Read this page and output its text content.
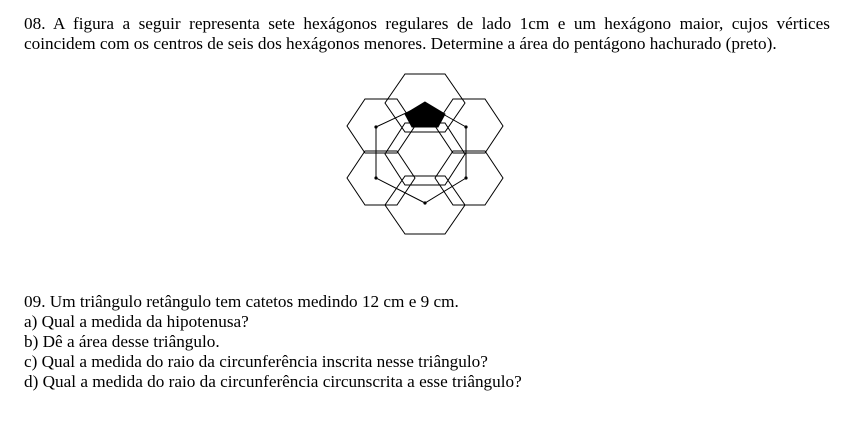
08. A figura a seguir representa sete hexágonos regulares de lado 1cm e um hexágono maior, cujos vértices coincidem com os centros de seis dos hexágonos menores. Determine a área do pentágono hachurado (preto).

09. Um triângulo retângulo tem catetos medindo 12 cm e 9 cm.

a) Qual a medida da hipotenusa?

b) Dê a área desse triângulo.

c) Qual a medida do raio da circunferência inscrita nesse triângulo?

d) Qual a medida do raio da circunferência circunscrita a esse triângulo?
